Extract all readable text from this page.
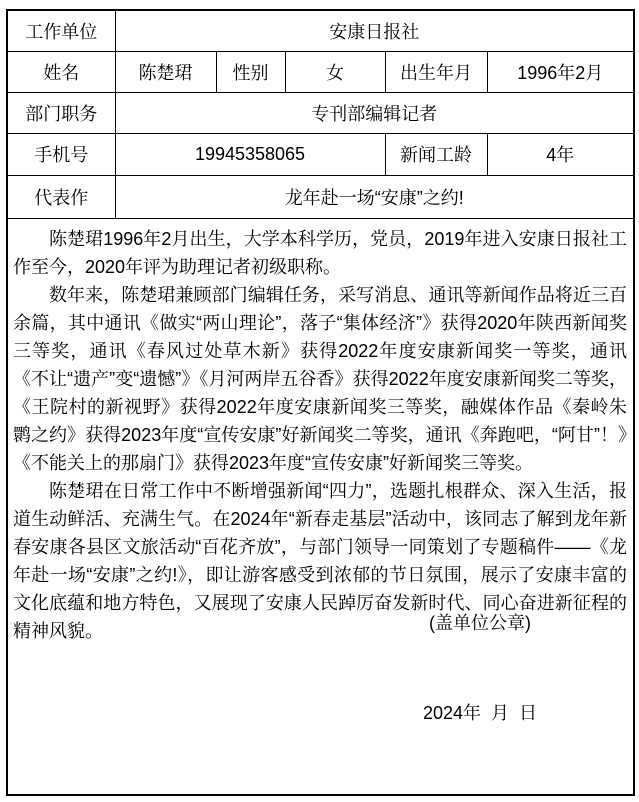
工作单位	安康日报社				
姓名	陈楚珺	性别	女	出生年月	1996年2月
部门职务	专刊部编辑记者				
手机号	19945358065			新闻工龄	4年
代表作	龙年赴一场“安康”之约!				

陈楚珺1996年2月出生，大学本科学历，党员，2019年进入安康日报社工作至今，2020年评为助理记者初级职称。

数年来，陈楚珺兼顾部门编辑任务，采写消息、通讯等新闻作品将近三百余篇，其中通讯《做实“两山理论”，落子“集体经济”》获得2020年陕西新闻奖三等奖，通讯《春风过处草木新》获得2022年度安康新闻奖一等奖，通讯《不让“遗产”变“遗憾”》《月河两岸五谷香》获得2022年度安康新闻奖二等奖，《王院村的新视野》获得2022年度安康新闻奖三等奖，融媒体作品《秦岭朱鹮之约》获得2023年度“宣传安康”好新闻奖二等奖，通讯《奔跑吧，“阿甘”！》《不能关上的那扇门》获得2023年度“宣传安康”好新闻奖三等奖。

陈楚珺在日常工作中不断增强新闻“四力”，选题扎根群众、深入生活，报道生动鲜活、充满生气。在2024年“新春走基层”活动中，该同志了解到龙年新春安康各县区文旅活动“百花齐放”，与部门领导一同策划了专题稿件——《龙年赴一场“安康”之约!》，即让游客感受到浓郁的节日氛围，展示了安康丰富的文化底蕴和地方特色，又展现了安康人民踔厉奋发新时代、同心奋进新征程的精神风貌。

(盖单位公章)

2024年  月  日					
